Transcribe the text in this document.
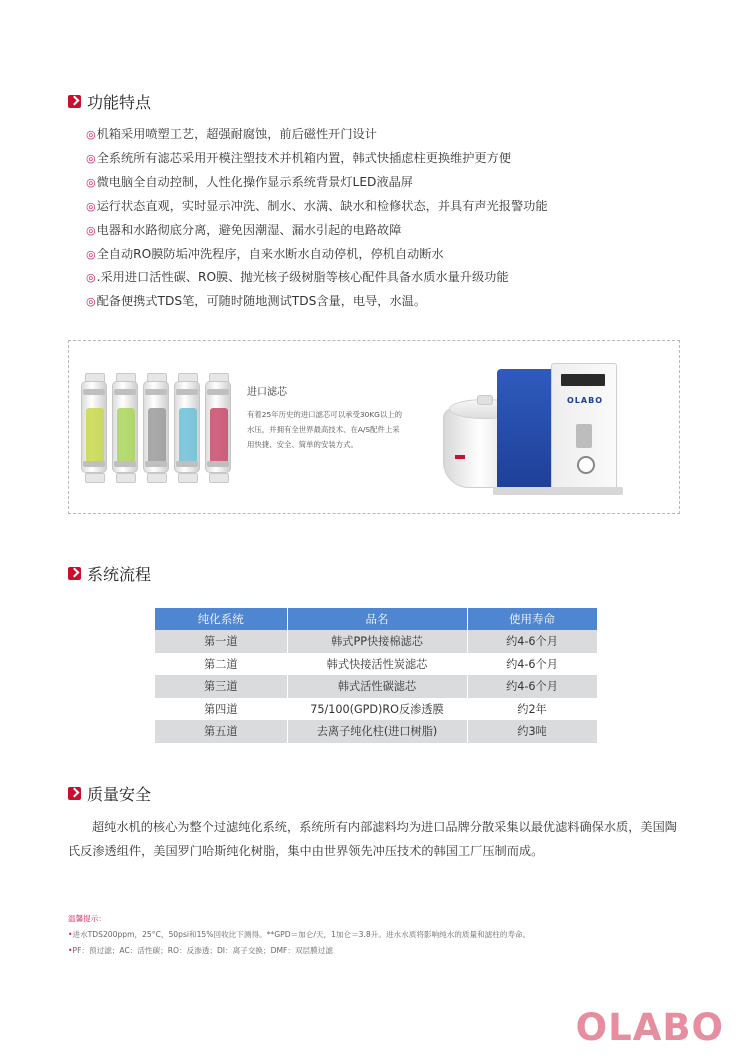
功能特点
◎机箱采用喷塑工艺，超强耐腐蚀，前后磁性开门设计
◎全系统所有滤芯采用开模注塑技术并机箱内置，韩式快插虑柱更换维护更方便
◎微电脑全自动控制，人性化操作显示系统背景灯LED液晶屏
◎运行状态直观，实时显示冲洗、制水、水满、缺水和检修状态，并具有声光报警功能
◎电器和水路彻底分离，避免因潮湿、漏水引起的电路故障
◎全自动RO膜防垢冲洗程序，自来水断水自动停机，停机自动断水
◎.采用进口活性碳、RO膜、抛光核子级树脂等核心配件具备水质水量升级功能
◎配备便携式TDS笔，可随时随地测试TDS含量，电导，水温。
进口滤芯
有着25年历史的进口滤芯可以承受30KG以上的水压，并拥有全世界最高技术、在A/S配件上采用快捷、安全、简单的安装方式。
OLABO
系统流程
纯化系统	品名	使用寿命
第一道	韩式PP快接棉滤芯	约4-6个月
第二道	韩式快接活性炭滤芯	约4-6个月
第三道	韩式活性碳滤芯	约4-6个月
第四道	75/100(GPD)RO反渗透膜	约2年
第五道	去离子纯化柱(进口树脂)	约3吨
质量安全
超纯水机的核心为整个过滤纯化系统，系统所有内部滤料均为进口品牌分散采集以最优滤料确保水质，美国陶氏反渗透组件，美国罗门哈斯纯化树脂，集中由世界领先冲压技术的韩国工厂压制而成。
温馨提示：
•进水TDS200ppm，25°C，50psi和15%回收比下测得。**GPD＝加仑/天，1加仑＝3.8升。进水水质将影响纯水的质量和滤柱的寿命。
•PF：预过滤；AC：活性碳；RO：反渗透；DI：离子交换；DMF：双层膜过滤
OLABO
